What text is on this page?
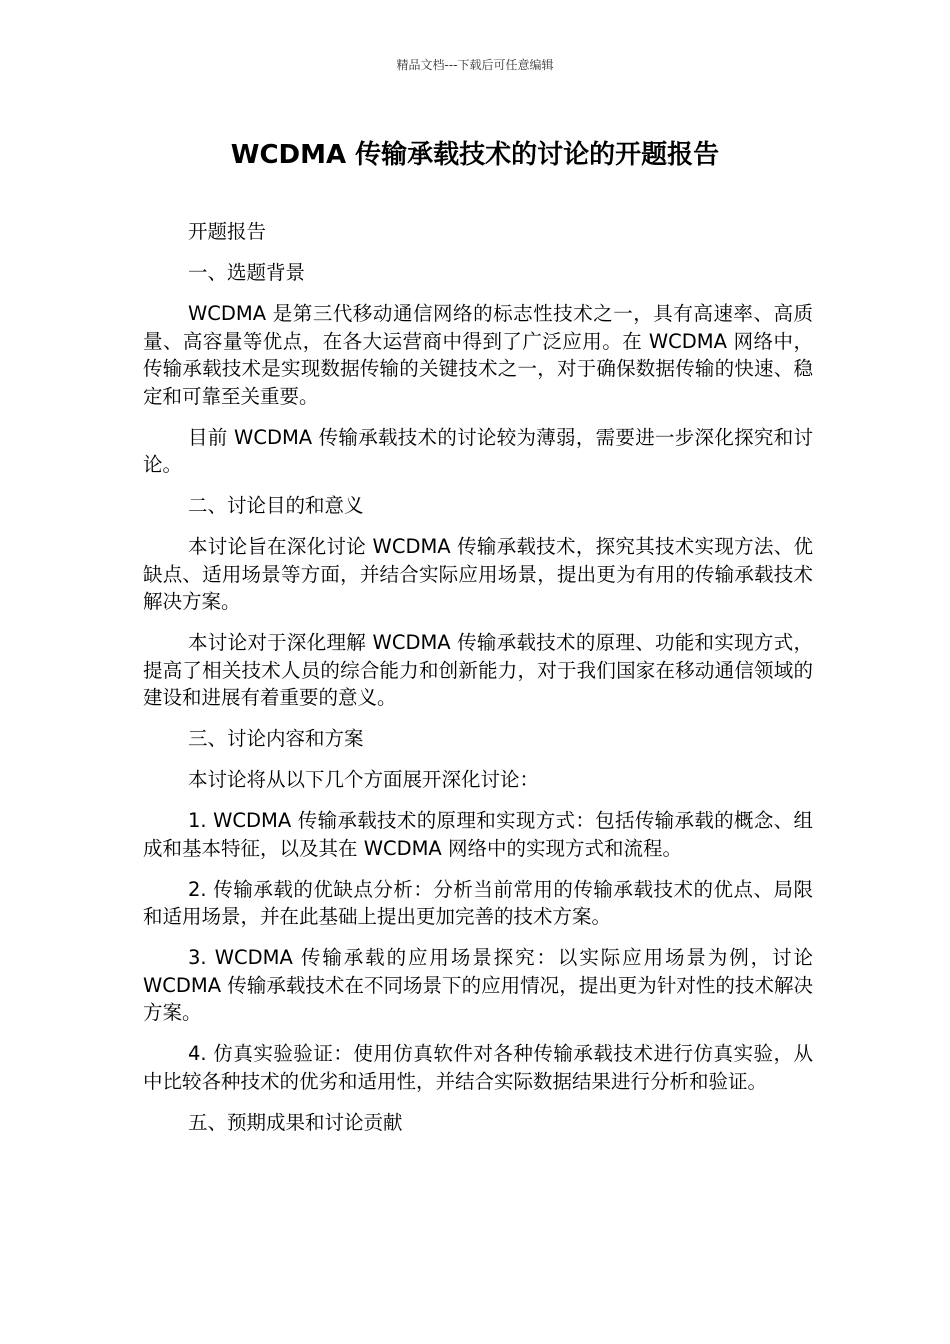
精品文档---下载后可任意编辑
WCDMA 传输承载技术的讨论的开题报告

开题报告

一、选题背景

WCDMA 是第三代移动通信网络的标志性技术之一，具有高速率、高质量、高容量等优点，在各大运营商中得到了广泛应用。在 WCDMA 网络中，传输承载技术是实现数据传输的关键技术之一，对于确保数据传输的快速、稳定和可靠至关重要。

目前 WCDMA 传输承载技术的讨论较为薄弱，需要进一步深化探究和讨论。

二、讨论目的和意义

本讨论旨在深化讨论 WCDMA 传输承载技术，探究其技术实现方法、优缺点、适用场景等方面，并结合实际应用场景，提出更为有用的传输承载技术解决方案。

本讨论对于深化理解 WCDMA 传输承载技术的原理、功能和实现方式，提高了相关技术人员的综合能力和创新能力，对于我们国家在移动通信领域的建设和进展有着重要的意义。

三、讨论内容和方案

本讨论将从以下几个方面展开深化讨论：

1. WCDMA 传输承载技术的原理和实现方式：包括传输承载的概念、组成和基本特征，以及其在 WCDMA 网络中的实现方式和流程。

2. 传输承载的优缺点分析：分析当前常用的传输承载技术的优点、局限和适用场景，并在此基础上提出更加完善的技术方案。

3. WCDMA 传输承载的应用场景探究：以实际应用场景为例，讨论 WCDMA 传输承载技术在不同场景下的应用情况，提出更为针对性的技术解决方案。

4. 仿真实验验证：使用仿真软件对各种传输承载技术进行仿真实验，从中比较各种技术的优劣和适用性，并结合实际数据结果进行分析和验证。

五、预期成果和讨论贡献
